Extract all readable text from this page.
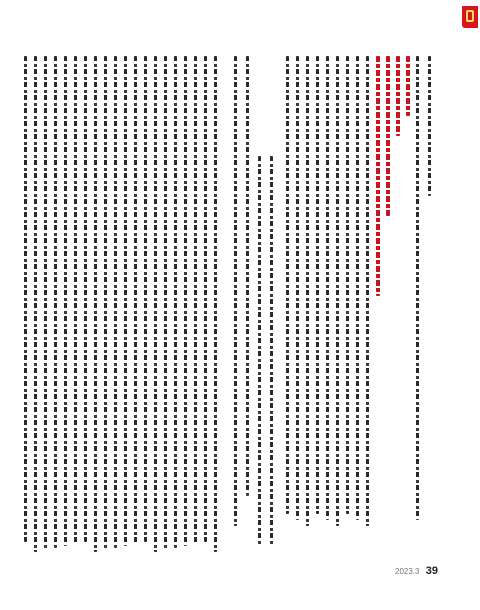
2023.3 39
